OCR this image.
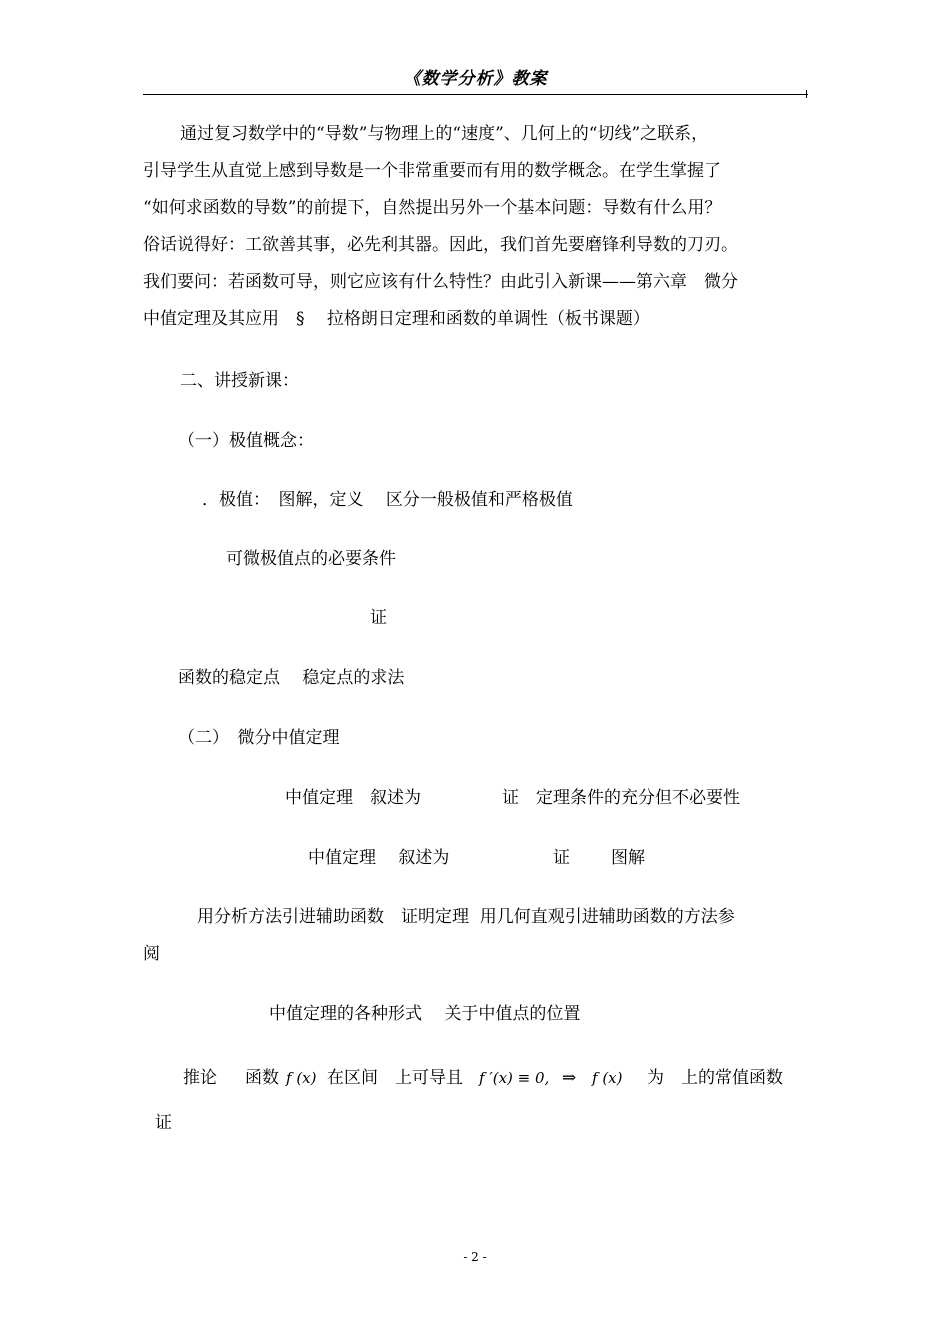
《数学分析》教案
通过复习数学中的“导数”与物理上的“速度”、几何上的“切线”之联系，
引导学生从直觉上感到导数是一个非常重要而有用的数学概念。在学生掌握了
“如何求函数的导数”的前提下，自然提出另外一个基本问题：导数有什么用？
俗话说得好：工欲善其事，必先利其器。因此，我们首先要磨锋利导数的刀刃。
我们要问：若函数可导，则它应该有什么特性？由此引入新课——第六章　微分
中值定理及其应用　§　 拉格朗日定理和函数的单调性（板书课题）
二、讲授新课：
（一）极值概念：
．极值：　图解，定义　 区分一般极值和严格极值
可微极值点的必要条件
证
函数的稳定点　 稳定点的求法
（二）　微分中值定理
中值定理　叙述为	证　定理条件的充分但不必要性
中值定理　 叙述为	证 图解
用分析方法引进辅助函数　证明定理  用几何直观引进辅助函数的方法参
阅
中值定理的各种形式　 关于中值点的位置
推论 函数 f (x) 在区间　上可导且 f ′(x) ≡ 0, ⇒ f (x) 为　上的常值函数
证
- 2 -
